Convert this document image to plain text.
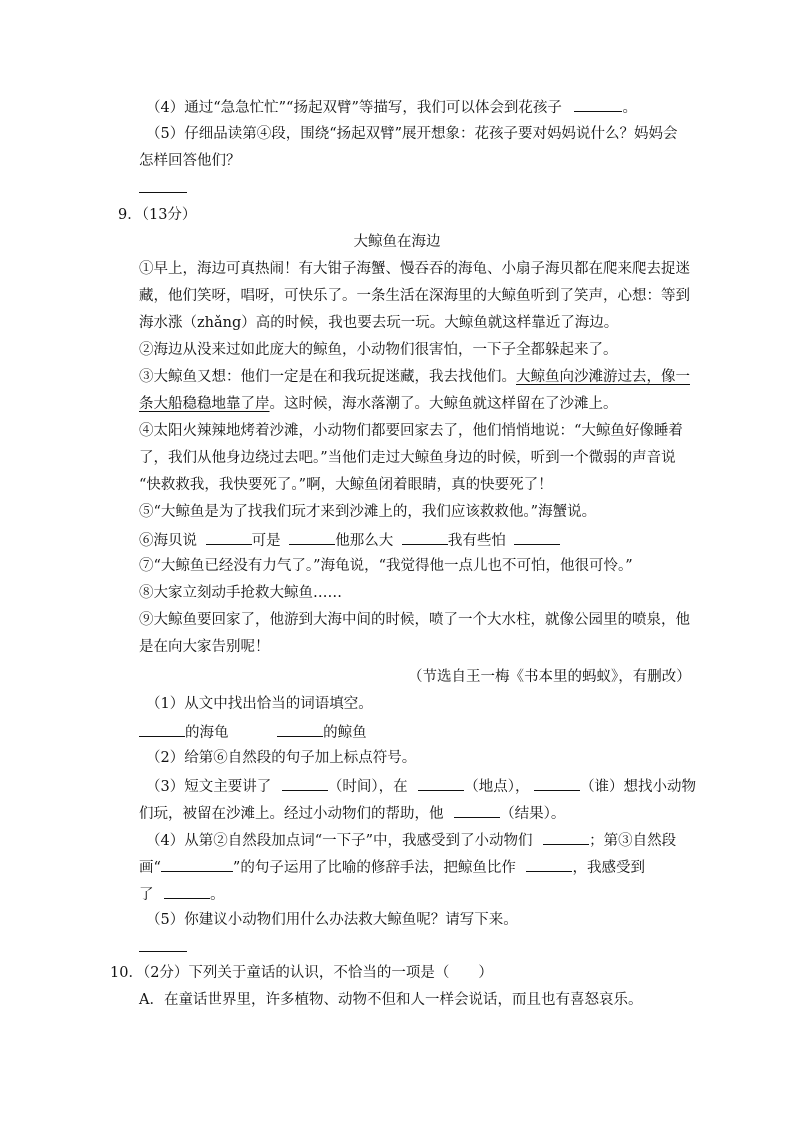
（4）通过“急急忙忙”“扬起双臂”等描写，我们可以体会到花孩子	。
（5）仔细品读第④段，围绕“扬起双臂”展开想象：花孩子要对妈妈说什么？妈妈会
怎样回答他们？
9．（13分）
大鲸鱼在海边
①早上，海边可真热闹！有大钳子海蟹、慢吞吞的海龟、小扇子海贝都在爬来爬去捉迷
藏，他们笑呀，唱呀，可快乐了。一条生活在深海里的大鲸鱼听到了笑声，心想：等到
海水涨（zhǎng）高的时候，我也要去玩一玩。大鲸鱼就这样靠近了海边。
②海边从没来过如此庞大的鲸鱼，小动物们很害怕，一下子全都躲起来了。
③大鲸鱼又想：他们一定是在和我玩捉迷藏，我去找他们。大鲸鱼向沙滩游过去，像一
条大船稳稳地靠了岸。这时候，海水落潮了。大鲸鱼就这样留在了沙滩上。
④太阳火辣辣地烤着沙滩，小动物们都要回家去了，他们悄悄地说：“大鲸鱼好像睡着
了，我们从他身边绕过去吧。”当他们走过大鲸鱼身边的时候，听到一个微弱的声音说
“快救救我，我快要死了。”啊，大鲸鱼闭着眼睛，真的快要死了！
⑤“大鲸鱼是为了找我们玩才来到沙滩上的，我们应该救救他。”海蟹说。
⑥海贝说	可是	他那么大	我有些怕
⑦“大鲸鱼已经没有力气了。”海龟说，“我觉得他一点儿也不可怕，他很可怜。”
⑧大家立刻动手抢救大鲸鱼……
⑨大鲸鱼要回家了，他游到大海中间的时候，喷了一个大水柱，就像公园里的喷泉，他
是在向大家告别呢！
（节选自王一梅《书本里的蚂蚁》，有删改）
（1）从文中找出恰当的词语填空。
的海龟	的鲸鱼
（2）给第⑥自然段的句子加上标点符号。
（3）短文主要讲了	（时间），在	（地点），	（谁）想找小动物
们玩，被留在沙滩上。经过小动物们的帮助，他	（结果）。
（4）从第②自然段加点词“一下子”中，我感受到了小动物们	；第③自然段
画“	”的句子运用了比喻的修辞手法，把鲸鱼比作	，我感受到
了	。
（5）你建议小动物们用什么办法救大鲸鱼呢？请写下来。
10．（2分）下列关于童话的认识，不恰当的一项是（　　）
A．在童话世界里，许多植物、动物不但和人一样会说话，而且也有喜怒哀乐。
